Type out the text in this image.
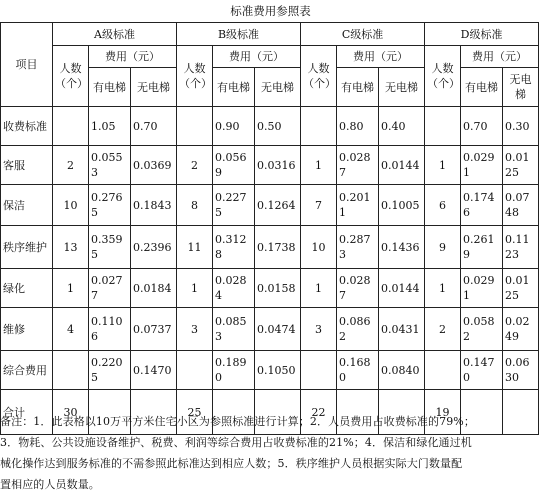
标准费用参照表
项目	A级标准			B级标准			C级标准			D级标准		
	人数（个）	费用（元）		人数（个）	费用（元）		人数（个）	费用（元）		人数（个）	费用（元）	
		有电梯	无电梯		有电梯	无电梯		有电梯	无电梯		有电梯	无电梯
收费标准		1.05	0.70		0.90	0.50		0.80	0.40		0.70	0.30
客服	2	0.0553	0.0369	2	0.0569	0.0316	1	0.0287	0.0144	1	0.0291	0.0125
保洁	10	0.2765	0.1843	8	0.2275	0.1264	7	0.2011	0.1005	6	0.1746	0.0748
秩序维护	13	0.3595	0.2396	11	0.3128	0.1738	10	0.2873	0.1436	9	0.2619	0.1123
绿化	1	0.0277	0.0184	1	0.0284	0.0158	1	0.0287	0.0144	1	0.0291	0.0125
维修	4	0.1106	0.0737	3	0.0853	0.0474	3	0.0862	0.0431	2	0.0582	0.0249
综合费用		0.2205	0.1470		0.1890	0.1050		0.1680	0.0840		0.1470	0.0630
合计	30			25			22			19		
备注：1．此表格以10万平方米住宅小区为参照标准进行计算；2．人员费用占收费标准的79%；
3．物耗、公共设施设备维护、税费、利润等综合费用占收费标准的21%；4．保洁和绿化通过机
械化操作达到服务标准的不需参照此标准达到相应人数；5．秩序维护人员根据实际大门数量配
置相应的人员数量。
